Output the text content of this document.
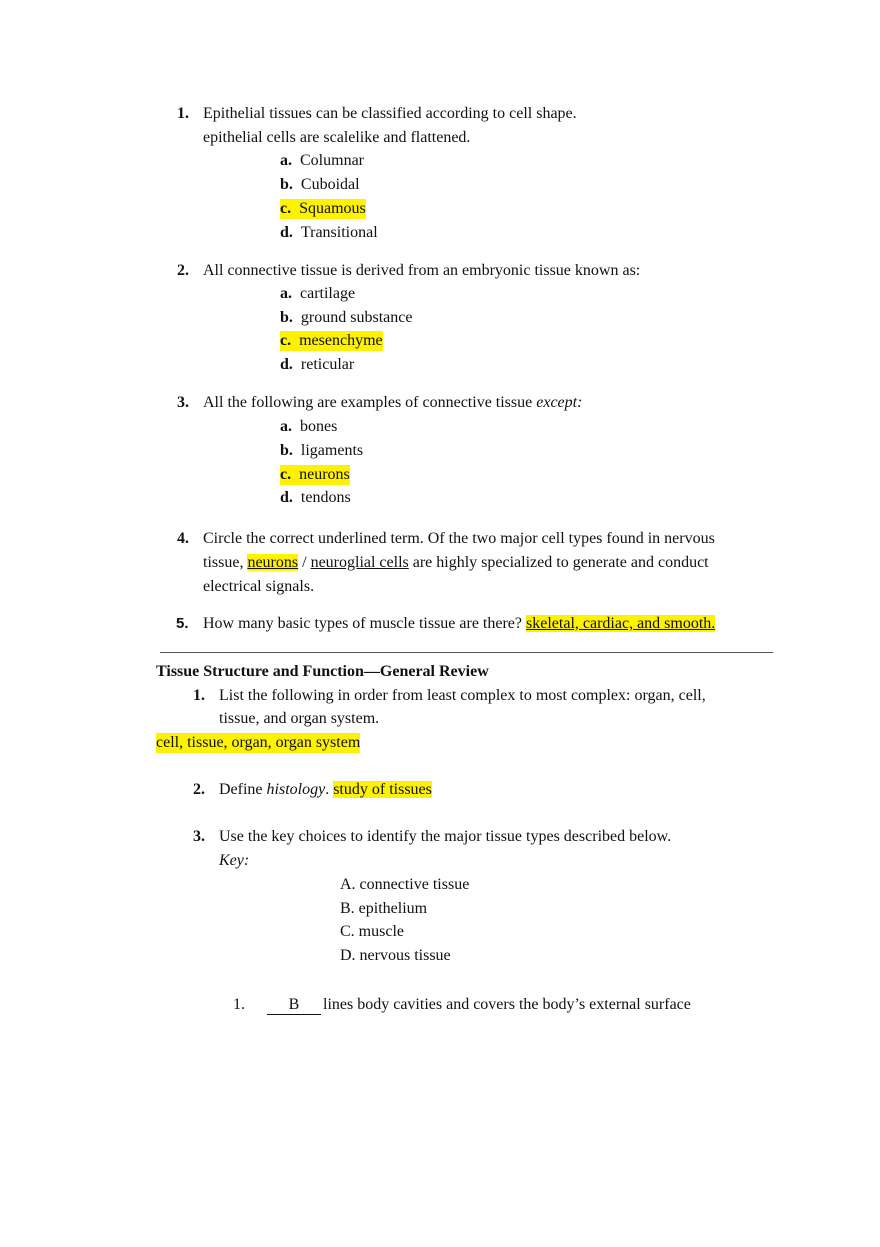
1. Epithelial tissues can be classified according to cell shape.
epithelial cells are scalelike and flattened.
a. Columnar
b. Cuboidal
c. Squamous
d. Transitional
2. All connective tissue is derived from an embryonic tissue known as:
a. cartilage
b. ground substance
c. mesenchyme
d. reticular
3. All the following are examples of connective tissue except:
a. bones
b. ligaments
c. neurons
d. tendons
4. Circle the correct underlined term. Of the two major cell types found in nervous
tissue, neurons / neuroglial cells are highly specialized to generate and conduct
electrical signals.
5. How many basic types of muscle tissue are there? skeletal, cardiac, and smooth.
Tissue Structure and Function—General Review
1. List the following in order from least complex to most complex: organ, cell,
tissue, and organ system.
cell, tissue, organ, organ system
2. Define histology. study of tissues
3. Use the key choices to identify the major tissue types described below.
Key:
A. connective tissue
B. epithelium
C. muscle
D. nervous tissue
1.	B lines body cavities and covers the body’s external surface
